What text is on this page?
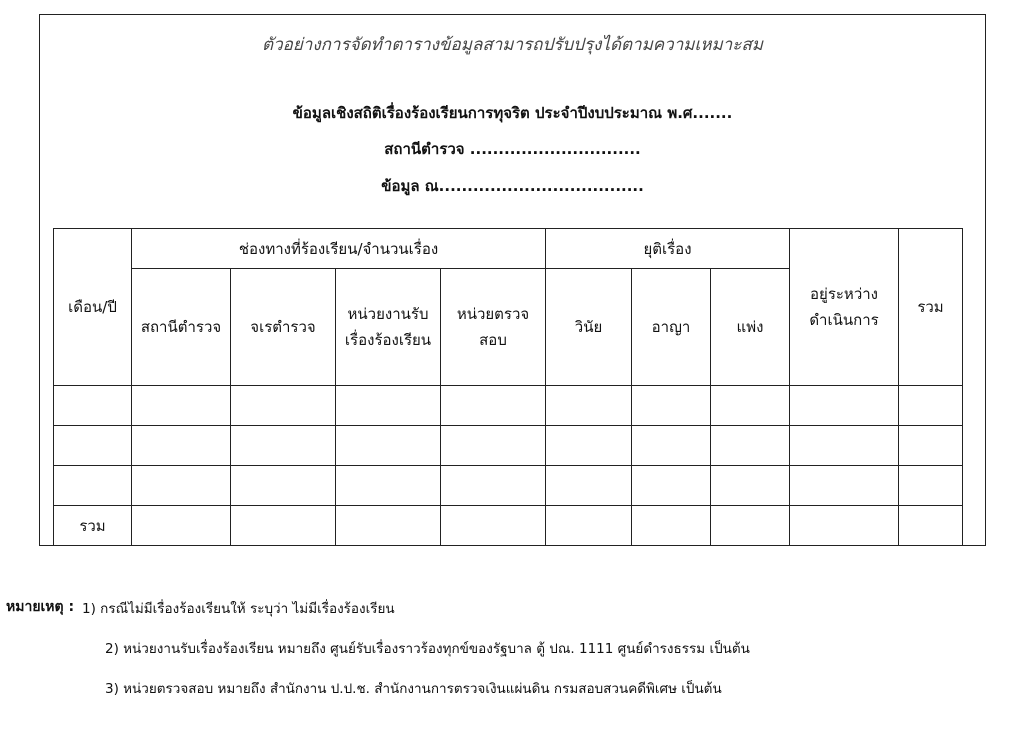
ตัวอย่างการจัดทำตารางข้อมูลสามารถปรับปรุงได้ตามความเหมาะสม
ข้อมูลเชิงสถิติเรื่องร้องเรียนการทุจริต ประจำปีงบประมาณ พ.ศ.......
สถานีตำรวจ ..............................
ข้อมูล ณ....................................
เดือน/ปี	ช่องทางที่ร้องเรียน/จำนวนเรื่อง				ยุติเรื่อง			อยู่ระหว่างดำเนินการ	รวม
	สถานีตำรวจ	จเรตำรวจ	หน่วยงานรับเรื่องร้องเรียน	หน่วยตรวจสอบ	วินัย	อาญา	แพ่ง		

รวม									
หมายเหตุ : 1) กรณีไม่มีเรื่องร้องเรียนให้ ระบุว่า ไม่มีเรื่องร้องเรียน
2) หน่วยงานรับเรื่องร้องเรียน หมายถึง ศูนย์รับเรื่องราวร้องทุกข์ของรัฐบาล ตู้ ปณ. 1111 ศูนย์ดำรงธรรม เป็นต้น
3) หน่วยตรวจสอบ หมายถึง สำนักงาน ป.ป.ช. สำนักงานการตรวจเงินแผ่นดิน กรมสอบสวนคดีพิเศษ เป็นต้น
